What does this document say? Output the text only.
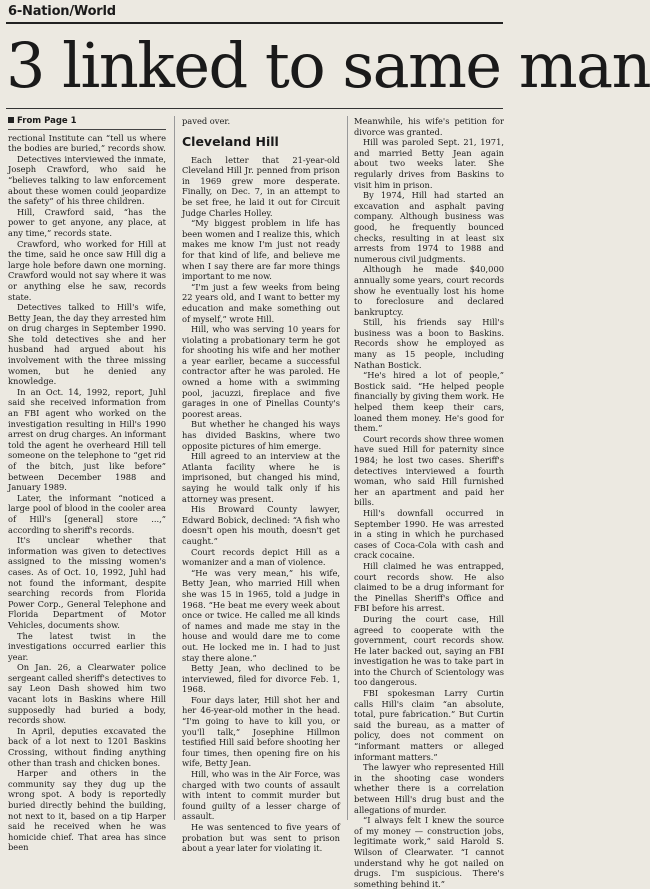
6-Nation/World
3 linked to same man
From Page 1

rectional Institute can “tell us where the bodies are buried,” records show.

Detectives interviewed the inmate, Joseph Crawford, who said he “believes talking to law enforcement about these women could jeopardize the safety” of his three children.

Hill, Crawford said, “has the power to get anyone, any place, at any time,” records state.

Crawford, who worked for Hill at the time, said he once saw Hill dig a large hole before dawn one morning. Crawford would not say where it was or anything else he saw, records state.

Detectives talked to Hill's wife, Betty Jean, the day they arrested him on drug charges in September 1990. She told detectives she and her husband had argued about his involvement with the three missing women, but he denied any knowledge.

In an Oct. 14, 1992, report, Juhl said she received information from an FBI agent who worked on the investigation resulting in Hill's 1990 arrest on drug charges. An informant told the agent he overheard Hill tell someone on the telephone to “get rid of the bitch, just like before” between December 1988 and January 1989.

Later, the informant “noticed a large pool of blood in the cooler area of Hill's [general] store ...,” according to sheriff's records.

It's unclear whether that information was given to detectives assigned to the missing women's cases. As of Oct. 10, 1992, Juhl had not found the informant, despite searching records from Florida Power Corp., General Telephone and Florida Department of Motor Vehicles, documents show.

The latest twist in the investigations occurred earlier this year.

On Jan. 26, a Clearwater police sergeant called sheriff's detectives to say Leon Dash showed him two vacant lots in Baskins where Hill supposedly had buried a body, records show.

In April, deputies excavated the back of a lot next to 1201 Baskins Crossing, without finding anything other than trash and chicken bones.

Harper and others in the community say they dug up the wrong spot. A body is reportedly buried directly behind the building, not next to it, based on a tip Harper said he received when he was homicide chief. That area has since been

paved over.

Cleveland Hill

Each letter that 21-year-old Cleveland Hill Jr. penned from prison in 1969 grew more desperate. Finally, on Dec. 7, in an attempt to be set free, he laid it out for Circuit Judge Charles Holley.

“My biggest problem in life has been women and I realize this, which makes me know I'm just not ready for that kind of life, and believe me when I say there are far more things important to me now.

“I'm just a few weeks from being 22 years old, and I want to better my education and make something out of myself,” wrote Hill.

Hill, who was serving 10 years for violating a probationary term he got for shooting his wife and her mother a year earlier, became a successful contractor after he was paroled. He owned a home with a swimming pool, jacuzzi, fireplace and five garages in one of Pinellas County's poorest areas.

But whether he changed his ways has divided Baskins, where two opposite pictures of him emerge.

Hill agreed to an interview at the Atlanta facility where he is imprisoned, but changed his mind, saying he would talk only if his attorney was present.

His Broward County lawyer, Edward Bobick, declined: “A fish who doesn't open his mouth, doesn't get caught.”

Court records depict Hill as a womanizer and a man of violence.

“He was very mean,” his wife, Betty Jean, who married Hill when she was 15 in 1965, told a judge in 1968. “He beat me every week about once or twice. He called me all kinds of names and made me stay in the house and would dare me to come out. He locked me in. I had to just stay there alone.”

Betty Jean, who declined to be interviewed, filed for divorce Feb. 1, 1968.

Four days later, Hill shot her and her 46-year-old mother in the head. “I'm going to have to kill you, or you'll talk,” Josephine Hillmon testified Hill said before shooting her four times, then opening fire on his wife, Betty Jean.

Hill, who was in the Air Force, was charged with two counts of assault with intent to commit murder but found guilty of a lesser charge of assault.

He was sentenced to five years of probation but was sent to prison about a year later for violating it.

Meanwhile, his wife's petition for divorce was granted.

Hill was paroled Sept. 21, 1971, and married Betty Jean again about two weeks later. She regularly drives from Baskins to visit him in prison.

By 1974, Hill had started an excavation and asphalt paving company. Although business was good, he frequently bounced checks, resulting in at least six arrests from 1974 to 1988 and numerous civil judgments.

Although he made $40,000 annually some years, court records show he eventually lost his home to foreclosure and declared bankruptcy.

Still, his friends say Hill's business was a boon to Baskins. Records show he employed as many as 15 people, including Nathan Bostick.

“He's hired a lot of people,” Bostick said. “He helped people financially by giving them work. He helped them keep their cars, loaned them money. He's good for them.”

Court records show three women have sued Hill for paternity since 1984; he lost two cases. Sheriff's detectives interviewed a fourth woman, who said Hill furnished her an apartment and paid her bills.

Hill's downfall occurred in September 1990. He was arrested in a sting in which he purchased cases of Coca-Cola with cash and crack cocaine.

Hill claimed he was entrapped, court records show. He also claimed to be a drug informant for the Pinellas Sheriff's Office and FBI before his arrest.

During the court case, Hill agreed to cooperate with the government, court records show. He later backed out, saying an FBI investigation he was to take part in into the Church of Scientology was too dangerous.

FBI spokesman Larry Curtin calls Hill's claim “an absolute, total, pure fabrication.” But Curtin said the bureau, as a matter of policy, does not comment on “informant matters or alleged informant matters.”

The lawyer who represented Hill in the shooting case wonders whether there is a correlation between Hill's drug bust and the allegations of murder.

“I always felt I knew the source of my money — construction jobs, legitimate work,” said Harold S. Wilson of Clearwater. “I cannot understand why he got nailed on drugs. I'm suspicious. There's something behind it.”
